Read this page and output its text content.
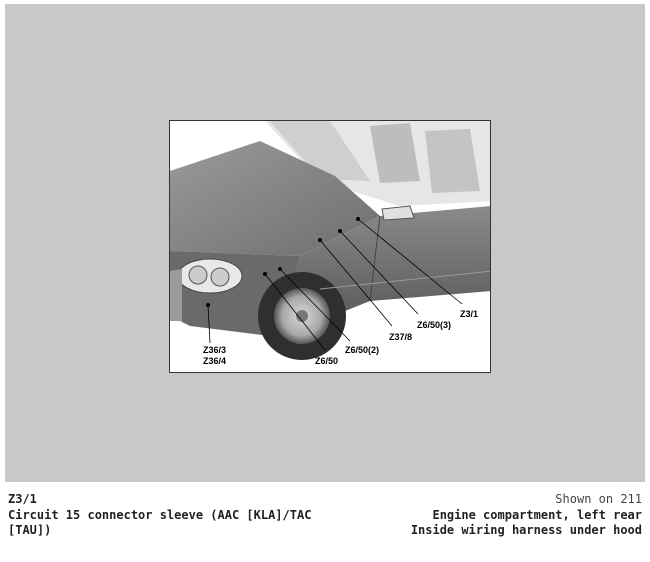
Z3/1
Z6/50(3)
Z37/8
Z6/50(2)
Z6/50
Z36/3
Z36/4
Z3/1
Circuit 15 connector sleeve (AAC [KLA]/TAC [TAU])
Shown on 211
Engine compartment, left rear
Inside wiring harness under hood
